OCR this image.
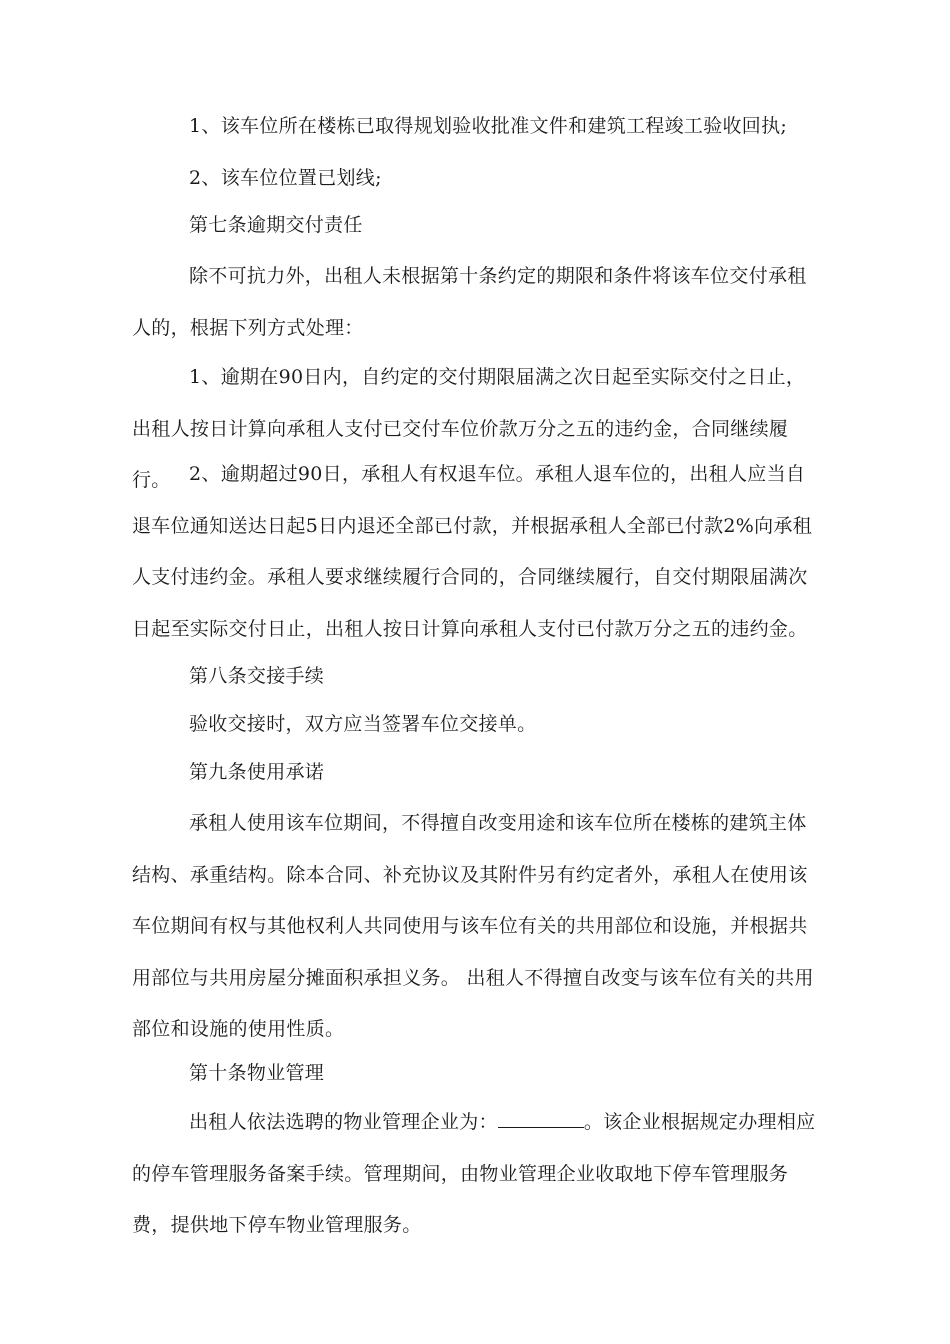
1、该车位所在楼栋已取得规划验收批准文件和建筑工程竣工验收回执;

2、该车位位置已划线;

第七条逾期交付责任

除不可抗力外，出租人未根据第十条约定的期限和条件将该车位交付承租人的，根据下列方式处理：

1、逾期在90日内，自约定的交付期限届满之次日起至实际交付之日止，出租人按日计算向承租人支付已交付车位价款万分之五的违约金，合同继续履行。 2、逾期超过90日，承租人有权退车位。承租人退车位的，出租人应当自退车位通知送达日起5日内退还全部已付款，并根据承租人全部已付款2%向承租人支付违约金。承租人要求继续履行合同的，合同继续履行，自交付期限届满次日起至实际交付日止，出租人按日计算向承租人支付已付款万分之五的违约金。

第八条交接手续

验收交接时，双方应当签署车位交接单。

第九条使用承诺

承租人使用该车位期间，不得擅自改变用途和该车位所在楼栋的建筑主体结构、承重结构。除本合同、补充协议及其附件另有约定者外，承租人在使用该车位期间有权与其他权利人共同使用与该车位有关的共用部位和设施，并根据共用部位与共用房屋分摊面积承担义务。 出租人不得擅自改变与该车位有关的共用部位和设施的使用性质。

第十条物业管理

出租人依法选聘的物业管理企业为：	。该企业根据规定办理相应的停车管理服务备案手续。管理期间，由物业管理企业收取地下停车管理服务费，提供地下停车物业管理服务。
